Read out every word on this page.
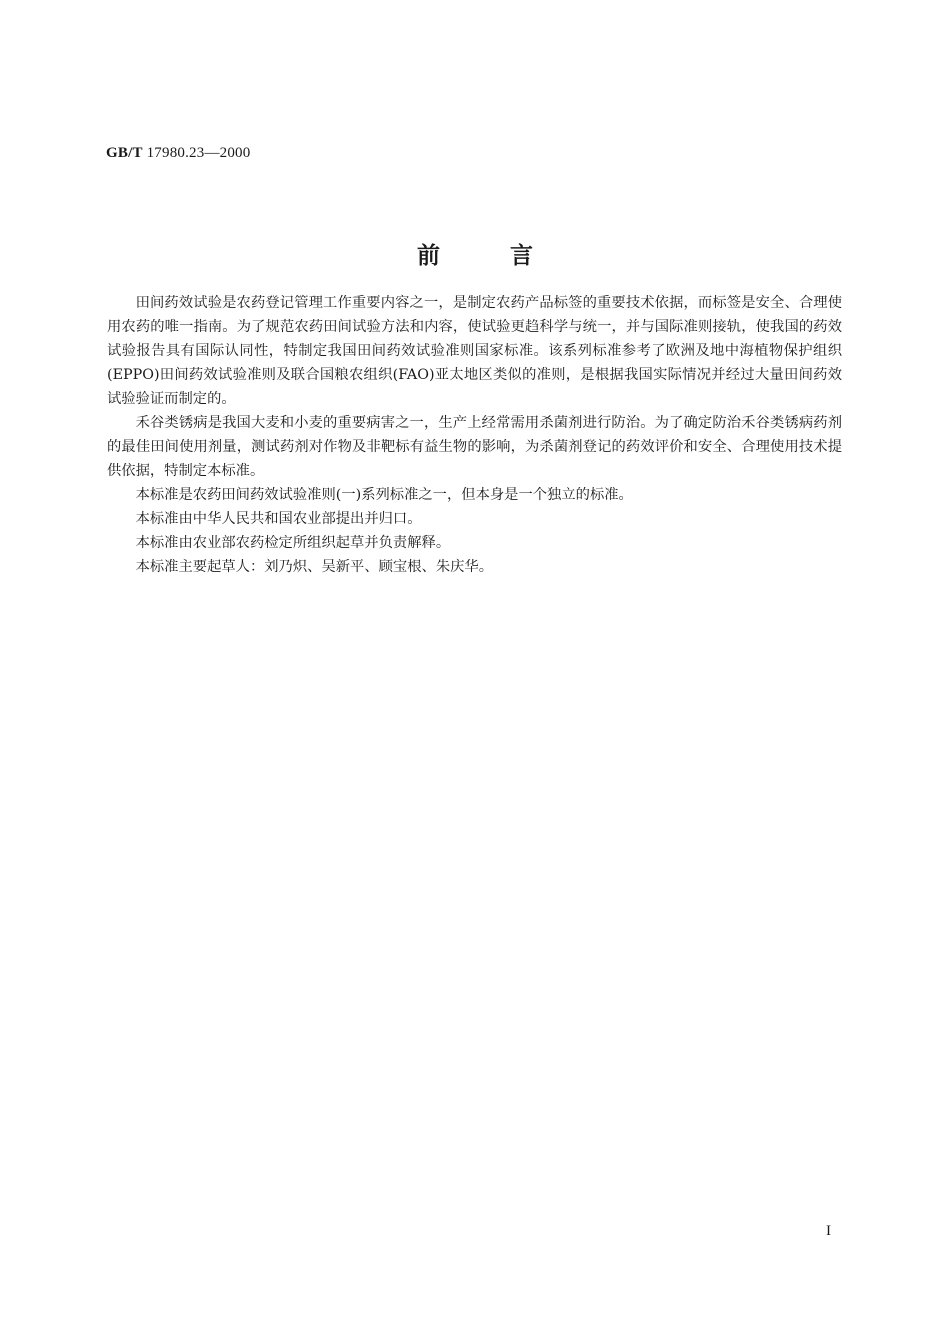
GB/T 17980.23—2000
前言

田间药效试验是农药登记管理工作重要内容之一，是制定农药产品标签的重要技术依据，而标签是安全、合理使用农药的唯一指南。为了规范农药田间试验方法和内容，使试验更趋科学与统一，并与国际准则接轨，使我国的药效试验报告具有国际认同性，特制定我国田间药效试验准则国家标准。该系列标准参考了欧洲及地中海植物保护组织(EPPO)田间药效试验准则及联合国粮农组织(FAO)亚太地区类似的准则，是根据我国实际情况并经过大量田间药效试验验证而制定的。

禾谷类锈病是我国大麦和小麦的重要病害之一，生产上经常需用杀菌剂进行防治。为了确定防治禾谷类锈病药剂的最佳田间使用剂量，测试药剂对作物及非靶标有益生物的影响，为杀菌剂登记的药效评价和安全、合理使用技术提供依据，特制定本标准。

本标准是农药田间药效试验准则(一)系列标准之一，但本身是一个独立的标准。

本标准由中华人民共和国农业部提出并归口。

本标准由农业部农药检定所组织起草并负责解释。

本标准主要起草人：刘乃炽、吴新平、顾宝根、朱庆华。

I
